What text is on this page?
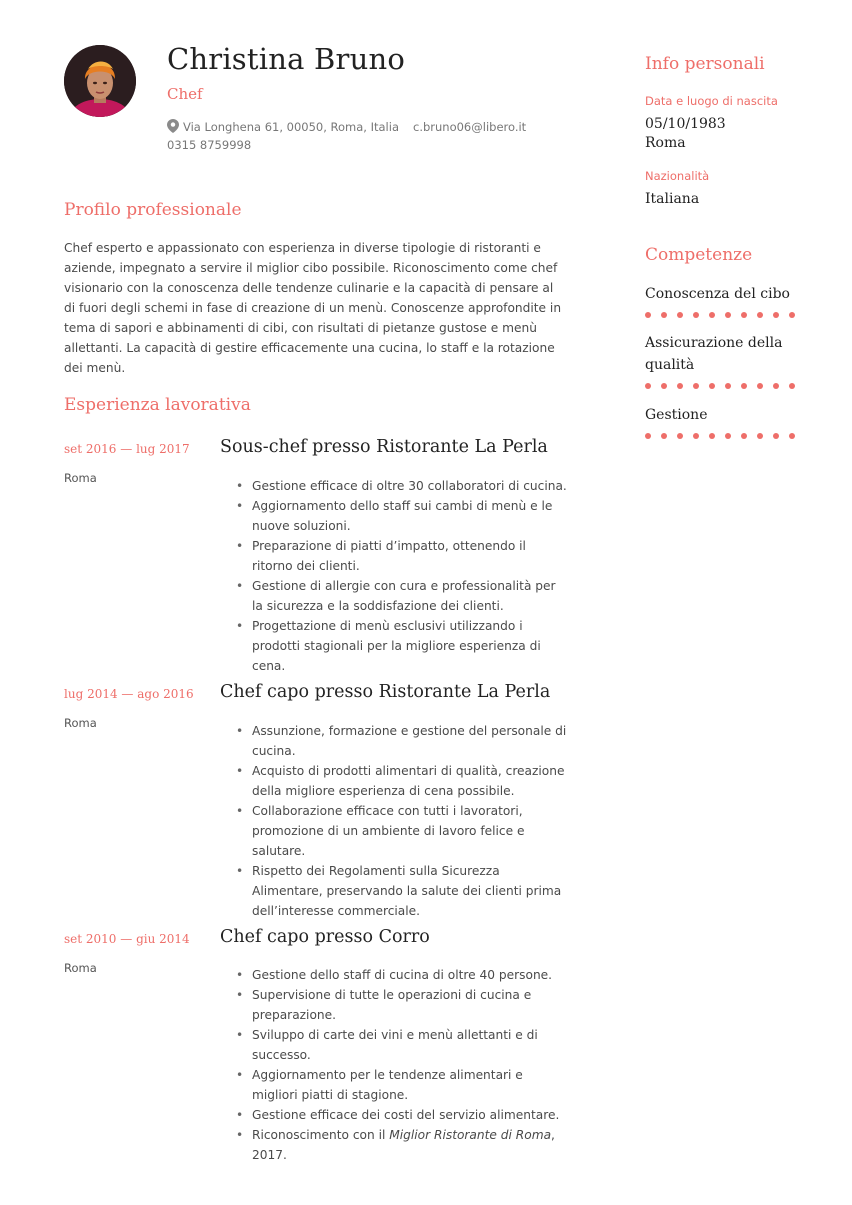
Christina Bruno
Chef
Via Longhena 61, 00050, Roma, Italia c.bruno06@libero.it
0315 8759998
Profilo professionale
Chef esperto e appassionato con esperienza in diverse tipologie di ristoranti e aziende, impegnato a servire il miglior cibo possibile. Riconoscimento come chef visionario con la conoscenza delle tendenze culinarie e la capacità di pensare al di fuori degli schemi in fase di creazione di un menù. Conoscenze approfondite in tema di sapori e abbinamenti di cibi, con risultati di pietanze gustose e menù allettanti. La capacità di gestire efficacemente una cucina, lo staff e la rotazione dei menù.
Esperienza lavorativa
set 2016 — lug 2017
Roma
Sous-chef presso Ristorante La Perla
• Gestione efficace di oltre 30 collaboratori di cucina.
• Aggiornamento dello staff sui cambi di menù e le nuove soluzioni.
• Preparazione di piatti d’impatto, ottenendo il ritorno dei clienti.
• Gestione di allergie con cura e professionalità per la sicurezza e la soddisfazione dei clienti.
• Progettazione di menù esclusivi utilizzando i prodotti stagionali per la migliore esperienza di cena.
lug 2014 — ago 2016
Roma
Chef capo presso Ristorante La Perla
• Assunzione, formazione e gestione del personale di cucina.
• Acquisto di prodotti alimentari di qualità, creazione della migliore esperienza di cena possibile.
• Collaborazione efficace con tutti i lavoratori, promozione di un ambiente di lavoro felice e salutare.
• Rispetto dei Regolamenti sulla Sicurezza Alimentare, preservando la salute dei clienti prima dell’interesse commerciale.
set 2010 — giu 2014
Roma
Chef capo presso Corro
• Gestione dello staff di cucina di oltre 40 persone.
• Supervisione di tutte le operazioni di cucina e preparazione.
• Sviluppo di carte dei vini e menù allettanti e di successo.
• Aggiornamento per le tendenze alimentari e migliori piatti di stagione.
• Gestione efficace dei costi del servizio alimentare.
• Riconoscimento con il Miglior Ristorante di Roma, 2017.
Info personali
Data e luogo di nascita
05/10/1983
Roma
Nazionalità
Italiana
Competenze
Conoscenza del cibo
Assicurazione della qualità
Gestione
